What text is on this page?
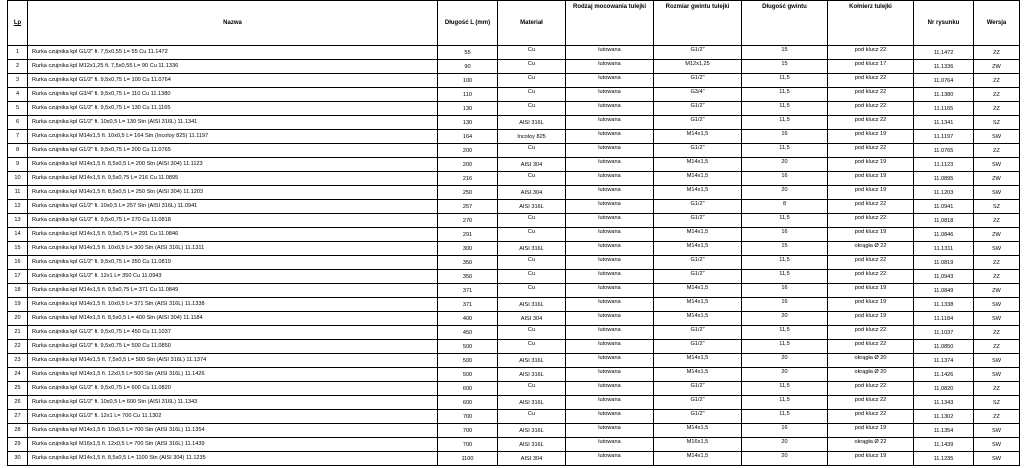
Lp	Nazwa	Długość L (mm)	Materiał	Rodzaj mocowania tulejki	Rozmiar gwintu tulejki	Długość gwintu	Kołnierz tulejki	Nr rysunku	Wersja
1	Rurka czujnika kpl G1/2" fi. 7,5x0,55 L= 55 Cu 11.1472	55	Cu	lutowana	G1/2"	15	pod klucz 22	11.1472	ZZ
2	Rurka czujnika kpl M12x1,25 fi. 7,5x0,55 L= 90 Cu 11.1336	90	Cu	lutowana	M12x1,25	15	pod klucz 17	11.1336	ZW
3	Rurka czujnika kpl G1/2" fi. 9,5x0,75 L= 100 Cu 11.0764	100	Cu	lutowana	G1/2"	11,5	pod klucz 22	11.0764	ZZ
4	Rurka czujnika kpl G3/4" fi. 9,5x0,75 L= 110 Cu 11.1380	110	Cu	lutowana	G3/4"	11,5	pod klucz 22	11.1380	ZZ
5	Rurka czujnika kpl G1/2" fi. 9,5x0,75 L= 130 Cu 11.1165	130	Cu	lutowana	G1/2"	11,5	pod klucz 22	11.1165	ZZ
6	Rurka czujnika kpl G1/2" fi. 10x0,5 L= 130 Stn (AISI 316L) 11.1341	130	AISI 316L	lutowana	G1/2"	11,5	pod klucz 22	11.1341	SZ
7	Rurka czujnika kpl M14x1,5 fi. 10x0,5 L= 164 Stn (Incoloy 825) 11.1197	164	Incoloy 825	lutowana	M14x1,5	16	pod klucz 19	11.1197	SW
8	Rurka czujnika kpl G1/2" fi. 9,5x0,75 L= 200 Cu 11.0765	200	Cu	lutowana	G1/2"	11,5	pod klucz 22	11.0765	ZZ
9	Rurka czujnika kpl M14x1,5 fi. 8,5x0,5 L= 200 Stn (AISI 304) 11.1123	200	AISI 304	lutowana	M14x1,5	20	pod klucz 19	11.1123	SW
10	Rurka czujnika kpl M14x1,5 fi. 9,5x0,75 L= 216 Cu 11.0895	216	Cu	lutowana	M14x1,5	16	pod klucz 19	11.0895	ZW
11	Rurka czujnika kpl M14x1,5 fi. 8,5x0,5 L= 250 Stn (AISI 304) 11.1203	250	AISI 304	lutowana	M14x1,5	20	pod klucz 19	11.1203	SW
12	Rurka czujnika kpl G1/2" fi. 10x0,5 L= 257 Stn (AISI 316L) 11.0941	257	AISI 316L	lutowana	G1/2"	8	pod klucz 22	11.0941	SZ
13	Rurka czujnika kpl G1/2" fi. 9,5x0,75 L= 270 Cu 11.0818	270	Cu	lutowana	G1/2"	11,5	pod klucz 22	11.0818	ZZ
14	Rurka czujnika kpl M14x1,5 fi. 9,5x0,75 L= 291 Cu 11.0846	291	Cu	lutowana	M14x1,5	16	pod klucz 19	11.0846	ZW
15	Rurka czujnika kpl M14x1,5 fi. 10x0,5 L= 300 Stn (AISI 316L) 11.1311	300	AISI 316L	lutowana	M14x1,5	15	okrągła Ø 22	11.1311	SW
16	Rurka czujnika kpl G1/2" fi. 9,5x0,75 L= 350 Cu 11.0819	350	Cu	lutowana	G1/2"	11,5	pod klucz 22	11.0819	ZZ
17	Rurka czujnika kpl G1/2" fi. 12x1 L= 350 Cu 11.0943	350	Cu	lutowana	G1/2"	11,5	pod klucz 22	11.0943	ZZ
18	Rurka czujnika kpl M14x1,5 fi. 9,5x0,75 L= 371 Cu 11.0849	371	Cu	lutowana	M14x1,5	16	pod klucz 19	11.0849	ZW
19	Rurka czujnika kpl M14x1,5 fi. 10x0,5 L= 371 Stn (AISI 316L) 11.1338	371	AISI 316L	lutowana	M14x1,5	16	pod klucz 19	11.1338	SW
20	Rurka czujnika kpl M14x1,5 fi. 8,5x0,5 L= 400 Stn (AISI 304) 11.1184	400	AISI 304	lutowana	M14x1,5	20	pod klucz 19	11.1184	SW
21	Rurka czujnika kpl G1/2" fi. 9,5x0,75 L= 450 Cu 11.1037	450	Cu	lutowana	G1/2"	11,5	pod klucz 22	11.1037	ZZ
22	Rurka czujnika kpl G1/2" fi. 9,5x0,75 L= 500 Cu 11.0850	500	Cu	lutowana	G1/2"	11,5	pod klucz 22	11.0850	ZZ
23	Rurka czujnika kpl M14x1,5 fi. 7,5x0,5 L= 500 Stn (AISI 316L) 11.1374	500	AISI 316L	lutowana	M14x1,5	20	okrągła Ø 20	11.1374	SW
24	Rurka czujnika kpl M14x1,5 fi. 12x0,5 L= 500 Stn (AISI 316L) 11.1426	500	AISI 316L	lutowana	M14x1,5	20	okrągła Ø 20	11.1426	SW
25	Rurka czujnika kpl G1/2" fi. 9,5x0,75 L= 600 Cu 11.0820	600	Cu	lutowana	G1/2"	11,5	pod klucz 22	11.0820	ZZ
26	Rurka czujnika kpl G1/2" fi. 10x0,5 L= 600 Stn (AISI 316L) 11.1343	600	AISI 316L	lutowana	G1/2"	11,5	pod klucz 22	11.1343	SZ
27	Rurka czujnika kpl G1/2" fi. 12x1 L= 700 Cu 11.1302	700	Cu	lutowana	G1/2"	11,5	pod klucz 22	11.1302	ZZ
28	Rurka czujnika kpl M14x1,5 fi. 10x0,5 L= 700 Stn (AISI 316L) 11.1354	700	AISI 316L	lutowana	M14x1,5	16	pod klucz 19	11.1354	SW
29	Rurka czujnika kpl M16x1,5 fi. 12x0,5 L= 700 Stn (AISI 316L) 11.1439	700	AISI 316L	lutowana	M16x1,5	20	okrągła Ø 22	11.1439	SW
30	Rurka czujnika kpl M14x1,5 fi. 8,5x0,5 L= 1100 Stn (AISI 304) 11.1235	1100	AISI 304	lutowana	M14x1,5	20	pod klucz 19	11.1235	SW
